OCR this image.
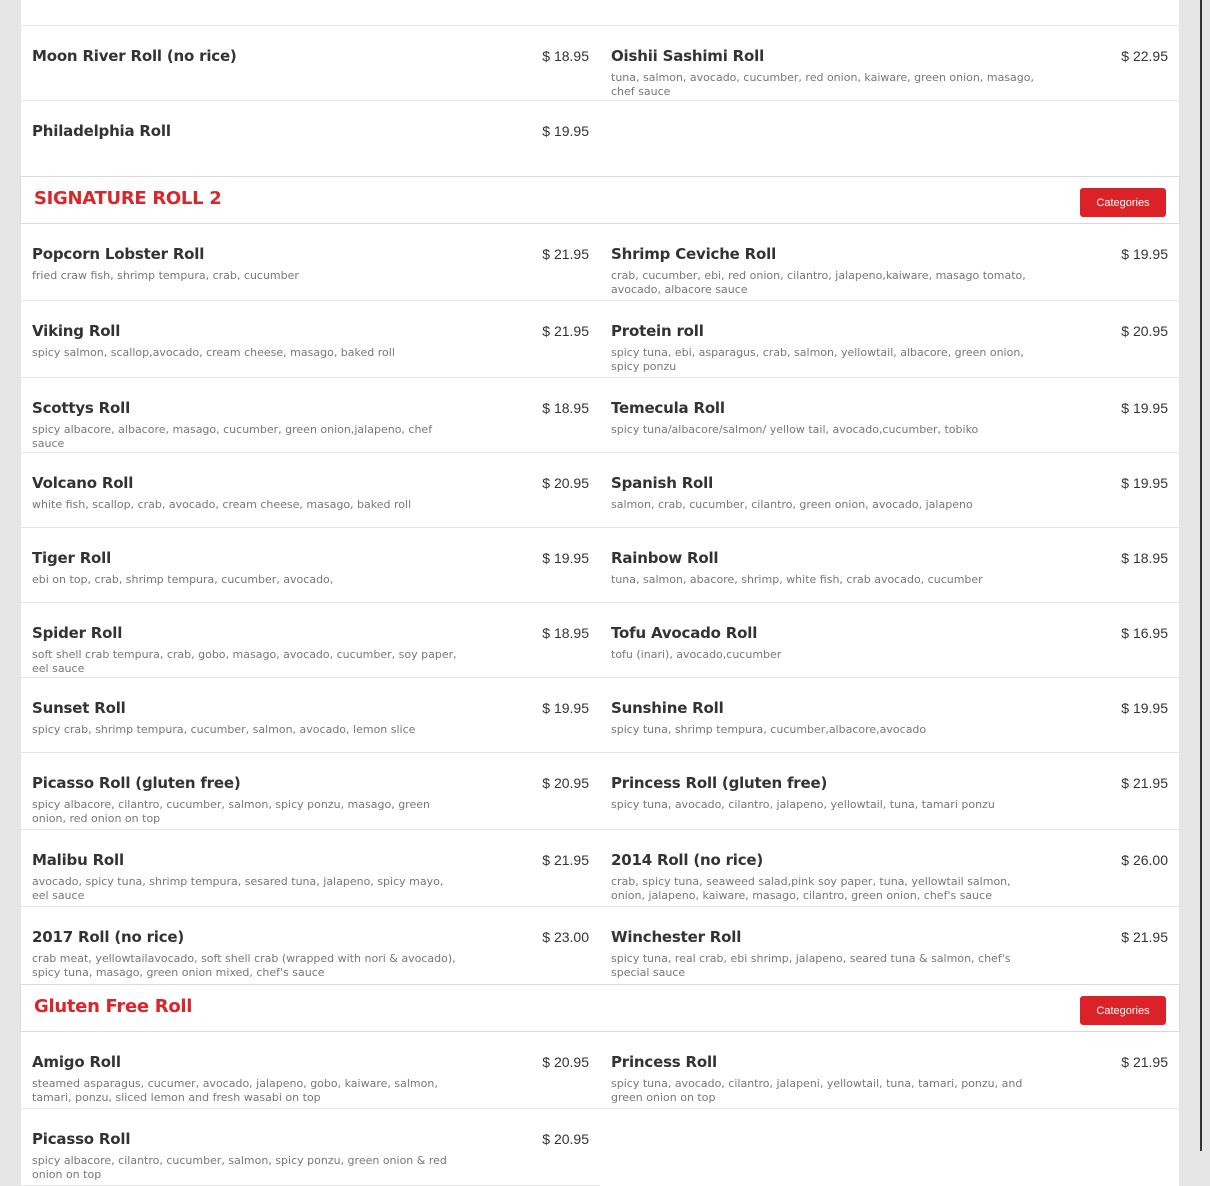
Moon River Roll (no rice)	$ 18.95
Philadelphia Roll	$ 19.95
Oishii Sashimi Roll	$ 22.95
tuna, salmon, avocado, cucumber, red onion, kaiware, green onion, masago, chef sauce
SIGNATURE ROLL 2	Categories
Popcorn Lobster Roll	$ 21.95
fried craw fish, shrimp tempura, crab, cucumber
Viking Roll	$ 21.95
spicy salmon, scallop,avocado, cream cheese, masago, baked roll
Scottys Roll	$ 18.95
spicy albacore, albacore, masago, cucumber, green onion,jalapeno, chef sauce
Volcano Roll	$ 20.95
white fish, scallop, crab, avocado, cream cheese, masago, baked roll
Tiger Roll	$ 19.95
ebi on top, crab, shrimp tempura, cucumber, avocado,
Spider Roll	$ 18.95
soft shell crab tempura, crab, gobo, masago, avocado, cucumber, soy paper, eel sauce
Sunset Roll	$ 19.95
spicy crab, shrimp tempura, cucumber, salmon, avocado, lemon slice
Picasso Roll (gluten free)	$ 20.95
spicy albacore, cilantro, cucumber, salmon, spicy ponzu, masago, green onion, red onion on top
Malibu Roll	$ 21.95
avocado, spicy tuna, shrimp tempura, sesared tuna, jalapeno, spicy mayo, eel sauce
2017 Roll (no rice)	$ 23.00
crab meat, yellowtailavocado, soft shell crab (wrapped with nori & avocado), spicy tuna, masago, green onion mixed, chef's sauce
Shrimp Ceviche Roll	$ 19.95
crab, cucumber, ebi, red onion, cilantro, jalapeno,kaiware, masago tomato, avocado, albacore sauce
Protein roll	$ 20.95
spicy tuna, ebi, asparagus, crab, salmon, yellowtail, albacore, green onion, spicy ponzu
Temecula Roll	$ 19.95
spicy tuna/albacore/salmon/ yellow tail, avocado,cucumber, tobiko
Spanish Roll	$ 19.95
salmon, crab, cucumber, cilantro, green onion, avocado, jalapeno
Rainbow Roll	$ 18.95
tuna, salmon, abacore, shrimp, white fish, crab avocado, cucumber
Tofu Avocado Roll	$ 16.95
tofu (inari), avocado,cucumber
Sunshine Roll	$ 19.95
spicy tuna, shrimp tempura, cucumber,albacore,avocado
Princess Roll (gluten free)	$ 21.95
spicy tuna, avocado, cilantro, jalapeno, yellowtail, tuna, tamari ponzu
2014 Roll (no rice)	$ 26.00
crab, spicy tuna, seaweed salad,pink soy paper, tuna, yellowtail salmon, onion, jalapeno, kaiware, masago, cilantro, green onion, chef's sauce
Winchester Roll	$ 21.95
spicy tuna, real crab, ebi shrimp, jalapeno, seared tuna & salmon, chef's special sauce
Gluten Free Roll	Categories
Amigo Roll	$ 20.95
steamed asparagus, cucumer, avocado, jalapeno, gobo, kaiware, salmon, tamari, ponzu, sliced lemon and fresh wasabi on top
Picasso Roll	$ 20.95
spicy albacore, cilantro, cucumber, salmon, spicy ponzu, green onion & red onion on top
Princess Roll	$ 21.95
spicy tuna, avocado, cilantro, jalapeni, yellowtail, tuna, tamari, ponzu, and green onion on top
